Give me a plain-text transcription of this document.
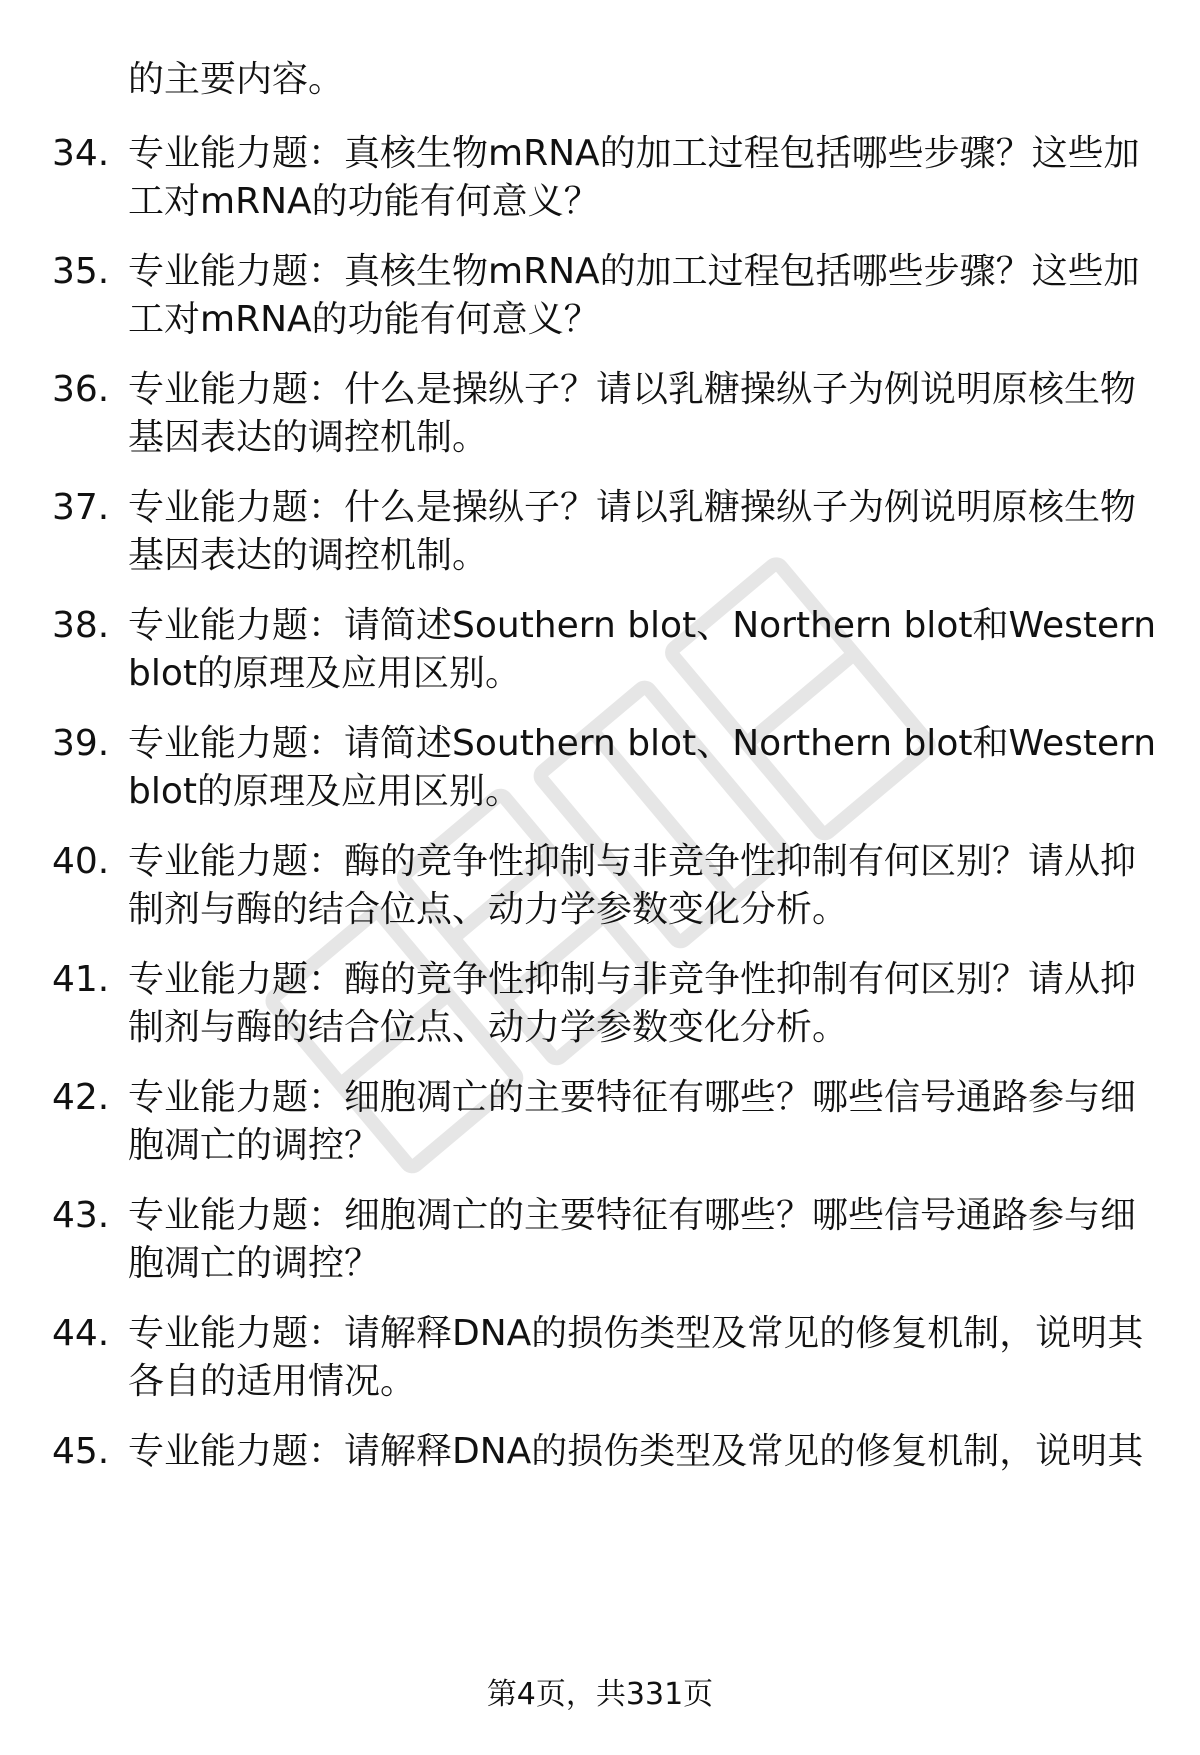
的主要内容。
34. 专业能力题：真核生物mRNA的加工过程包括哪些步骤？这些加
工对mRNA的功能有何意义？
35. 专业能力题：真核生物mRNA的加工过程包括哪些步骤？这些加
工对mRNA的功能有何意义？
36. 专业能力题：什么是操纵子？请以乳糖操纵子为例说明原核生物
基因表达的调控机制。
37. 专业能力题：什么是操纵子？请以乳糖操纵子为例说明原核生物
基因表达的调控机制。
38. 专业能力题：请简述Southern blot、Northern blot和Western
blot的原理及应用区别。
39. 专业能力题：请简述Southern blot、Northern blot和Western
blot的原理及应用区别。
40. 专业能力题：酶的竞争性抑制与非竞争性抑制有何区别？请从抑
制剂与酶的结合位点、动力学参数变化分析。
41. 专业能力题：酶的竞争性抑制与非竞争性抑制有何区别？请从抑
制剂与酶的结合位点、动力学参数变化分析。
42. 专业能力题：细胞凋亡的主要特征有哪些？哪些信号通路参与细
胞凋亡的调控？
43. 专业能力题：细胞凋亡的主要特征有哪些？哪些信号通路参与细
胞凋亡的调控？
44. 专业能力题：请解释DNA的损伤类型及常见的修复机制，说明其
各自的适用情况。
45. 专业能力题：请解释DNA的损伤类型及常见的修复机制，说明其
第4页，共331页
